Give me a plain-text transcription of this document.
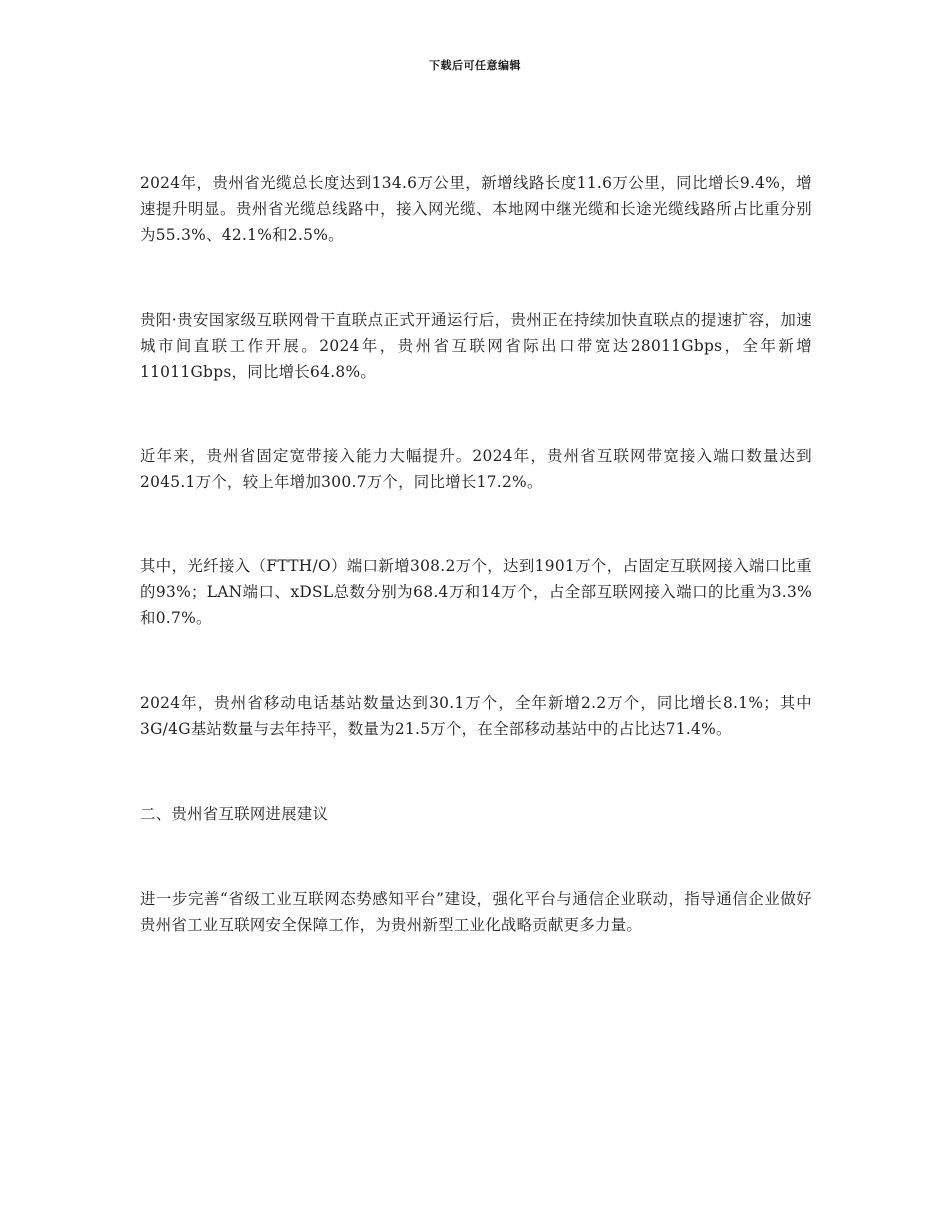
下载后可任意编辑

2024年，贵州省光缆总长度达到134.6万公里，新增线路长度11.6万公里，同比增长9.4%，增速提升明显。贵州省光缆总线路中，接入网光缆、本地网中继光缆和长途光缆线路所占比重分别为55.3%、42.1%和2.5%。

贵阳·贵安国家级互联网骨干直联点正式开通运行后，贵州正在持续加快直联点的提速扩容，加速城市间直联工作开展。2024年，贵州省互联网省际出口带宽达28011Gbps，全年新增11011Gbps，同比增长64.8%。

近年来，贵州省固定宽带接入能力大幅提升。2024年，贵州省互联网带宽接入端口数量达到2045.1万个，较上年增加300.7万个，同比增长17.2%。

其中，光纤接入（FTTH/O）端口新增308.2万个，达到1901万个，占固定互联网接入端口比重的93%；LAN端口、xDSL总数分别为68.4万和14万个，占全部互联网接入端口的比重为3.3%和0.7%。

2024年，贵州省移动电话基站数量达到30.1万个，全年新增2.2万个，同比增长8.1%；其中3G/4G基站数量与去年持平，数量为21.5万个，在全部移动基站中的占比达71.4%。

二、贵州省互联网进展建议

进一步完善“省级工业互联网态势感知平台”建设，强化平台与通信企业联动，指导通信企业做好贵州省工业互联网安全保障工作，为贵州新型工业化战略贡献更多力量。
